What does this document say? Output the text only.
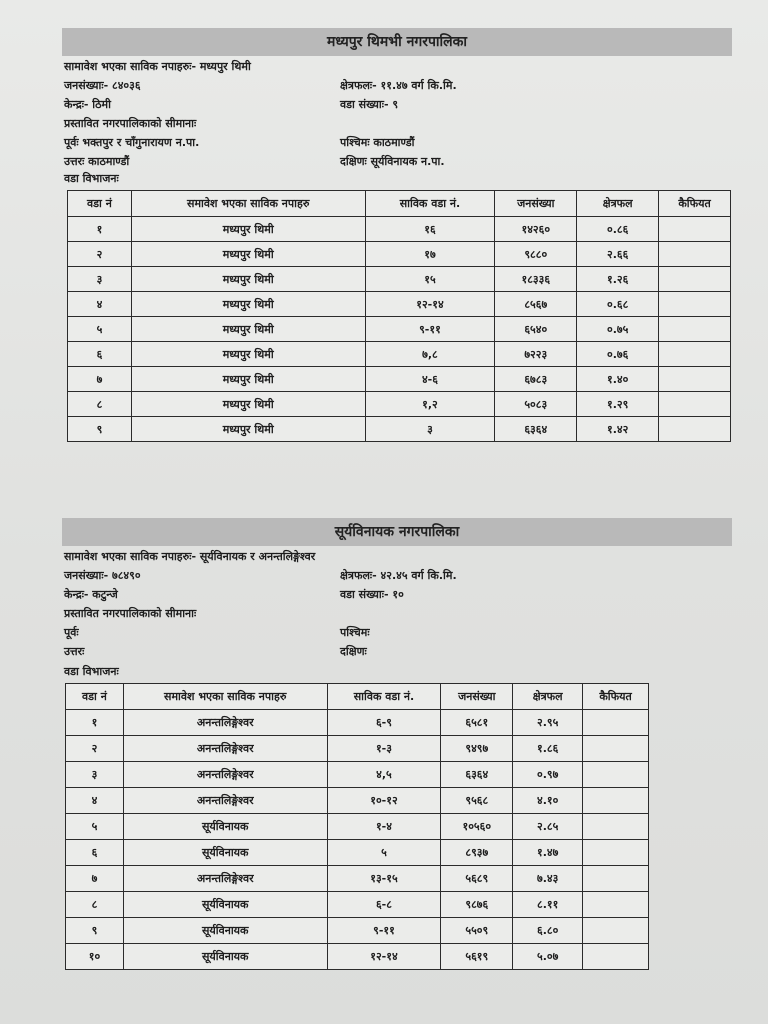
मध्यपुर थिमभी नगरपालिका
सामावेश भएका साविक नपाहरुः- मध्यपुर थिमी
जनसंख्याः- ८४०३६	क्षेत्रफलः- ११.४७ वर्ग कि.मि.
केन्द्रः- ठिमी	वडा संख्याः- ९
प्रस्तावित नगरपालिकाको सीमानाः
पूर्वः भक्तपुर र चाँगुनारायण न.पा.	पश्चिमः काठमाण्डौं
उत्तरः काठमाण्डौं	दक्षिणः सूर्यविनायक न.पा.
वडा विभाजनः
वडा नं	समावेश भएका साविक नपाहरु	साविक वडा नं.	जनसंख्या	क्षेत्रफल	कैफियत
१	मध्यपुर थिमी	१६	१४२६०	०.८६	
२	मध्यपुर थिमी	१७	९८८०	२.६६	
३	मध्यपुर थिमी	१५	१८३३६	१.२६	
४	मध्यपुर थिमी	१२-१४	८५६७	०.६८	
५	मध्यपुर थिमी	९-११	६५४०	०.७५	
६	मध्यपुर थिमी	७,८	७२२३	०.७६	
७	मध्यपुर थिमी	४-६	६७८३	१.४०	
८	मध्यपुर थिमी	१,२	५०८३	१.२९	
९	मध्यपुर थिमी	३	६३६४	१.४२	
सूर्यविनायक नगरपालिका
सामावेश भएका साविक नपाहरुः- सूर्यविनायक र अनन्तलिङ्गेश्वर
जनसंख्याः- ७८४९०	क्षेत्रफलः- ४२.४५ वर्ग कि.मि.
केन्द्रः- कटुन्जे	वडा संख्याः- १०
प्रस्तावित नगरपालिकाको सीमानाः
पूर्वः	पश्चिमः
उत्तरः	दक्षिणः
वडा विभाजनः
वडा नं	समावेश भएका साविक नपाहरु	साविक वडा नं.	जनसंख्या	क्षेत्रफल	कैफियत
१	अनन्तलिङ्गेश्वर	६-९	६५८१	२.९५	
२	अनन्तलिङ्गेश्वर	१-३	९४९७	१.८६	
३	अनन्तलिङ्गेश्वर	४,५	६३६४	०.९७	
४	अनन्तलिङ्गेश्वर	१०-१२	९५६८	४.१०	
५	सूर्यविनायक	१-४	१०५६०	२.८५	
६	सूर्यविनायक	५	८९३७	१.४७	
७	अनन्तलिङ्गेश्वर	१३-१५	५६८९	७.४३	
८	सूर्यविनायक	६-८	९८७६	८.११	
९	सूर्यविनायक	९-११	५५०९	६.८०	
१०	सूर्यविनायक	१२-१४	५६१९	५.०७	
